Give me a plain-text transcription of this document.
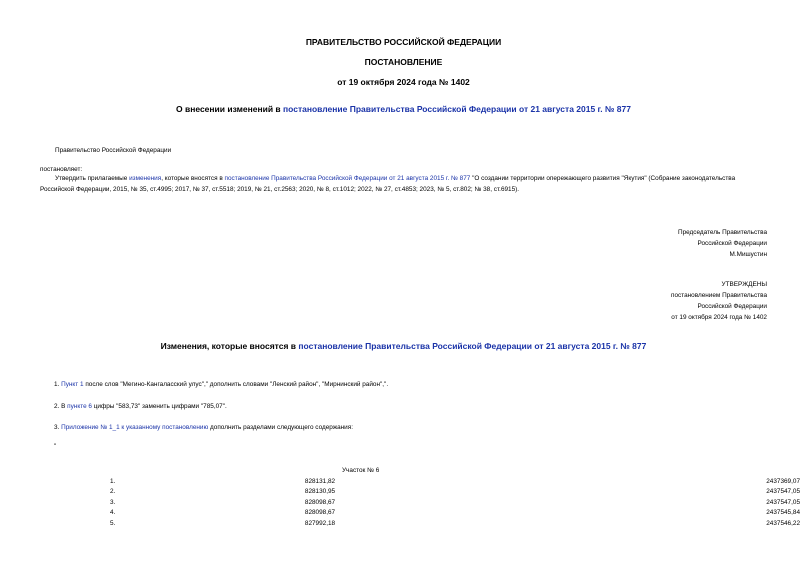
ПРАВИТЕЛЬСТВО РОССИЙСКОЙ ФЕДЕРАЦИИ
ПОСТАНОВЛЕНИЕ
от 19 октября 2024 года № 1402
О внесении изменений в постановление Правительства Российской Федерации от 21 августа 2015 г. № 877
Правительство Российской Федерации
постановляет:
Утвердить прилагаемые изменения, которые вносятся в постановление Правительства Российской Федерации от 21 августа 2015 г. № 877 "О создании территории опережающего развития "Якутия" (Собрание законодательства Российской Федерации, 2015, № 35, ст.4995; 2017, № 37, ст.5518; 2019, № 21, ст.2563; 2020, № 8, ст.1012; 2022, № 27, ст.4853; 2023, № 5, ст.802; № 38, ст.6915).
Председатель Правительства
Российской Федерации
М.Мишустин
УТВЕРЖДЕНЫ
постановлением Правительства
Российской Федерации
от 19 октября 2024 года № 1402
Изменения, которые вносятся в постановление Правительства Российской Федерации от 21 августа 2015 г. № 877
1. Пункт 1 после слов "Мегино-Кангаласский улус"," дополнить словами "Ленский район", "Мирнинский район",".
2. В пункте 6 цифры "583,73" заменить цифрами "785,07".
3. Приложение № 1_1 к указанному постановлению дополнить разделами следующего содержания:
"
Участок № 6
1.	828131,82	2437369,07
2.	828130,95	2437547,05
3.	828098,67	2437547,05
4.	828098,67	2437545,84
5.	827992,18	2437546,22
